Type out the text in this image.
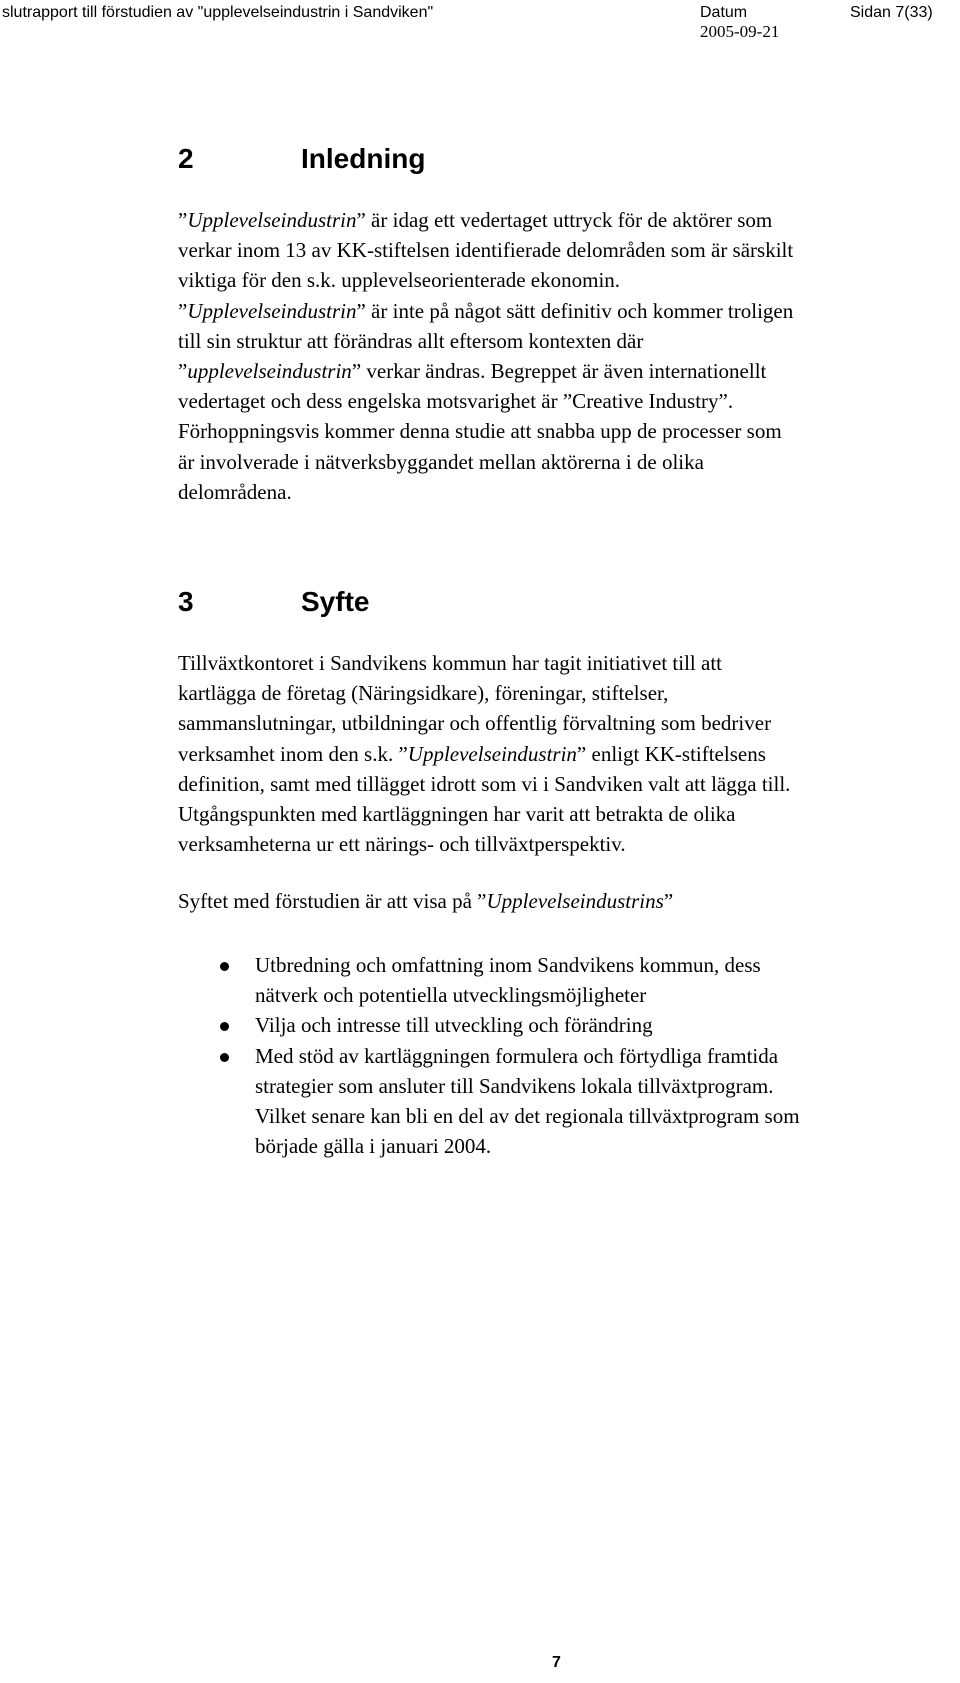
slutrapport till förstudien av "upplevelseindustrin i Sandviken"	Datum	Sidan 7(33)
2005-09-21
2	Inledning
”Upplevelseindustrin” är idag ett vedertaget uttryck för de aktörer som
verkar inom 13 av KK-stiftelsen identifierade delområden som är särskilt
viktiga för den s.k. upplevelseorienterade ekonomin.
”Upplevelseindustrin” är inte på något sätt definitiv och kommer troligen
till sin struktur att förändras allt eftersom kontexten där
”upplevelseindustrin” verkar ändras. Begreppet är även internationellt
vedertaget och dess engelska motsvarighet är ”Creative Industry”.
Förhoppningsvis kommer denna studie att snabba upp de processer som
är involverade i nätverksbyggandet mellan aktörerna i de olika
delområdena.
3	Syfte
Tillväxtkontoret i Sandvikens kommun har tagit initiativet till att
kartlägga de företag (Näringsidkare), föreningar, stiftelser,
sammanslutningar, utbildningar och offentlig förvaltning som bedriver
verksamhet inom den s.k. ”Upplevelseindustrin” enligt KK-stiftelsens
definition, samt med tillägget idrott som vi i Sandviken valt att lägga till.
Utgångspunkten med kartläggningen har varit att betrakta de olika
verksamheterna ur ett närings- och tillväxtperspektiv.
Syftet med förstudien är att visa på ”Upplevelseindustrins”
Utbredning och omfattning inom Sandvikens kommun, dess
nätverk och potentiella utvecklingsmöjligheter
Vilja och intresse till utveckling och förändring
Med stöd av kartläggningen formulera och förtydliga framtida
strategier som ansluter till Sandvikens lokala tillväxtprogram.
Vilket senare kan bli en del av det regionala tillväxtprogram som
började gälla i januari 2004.
7
